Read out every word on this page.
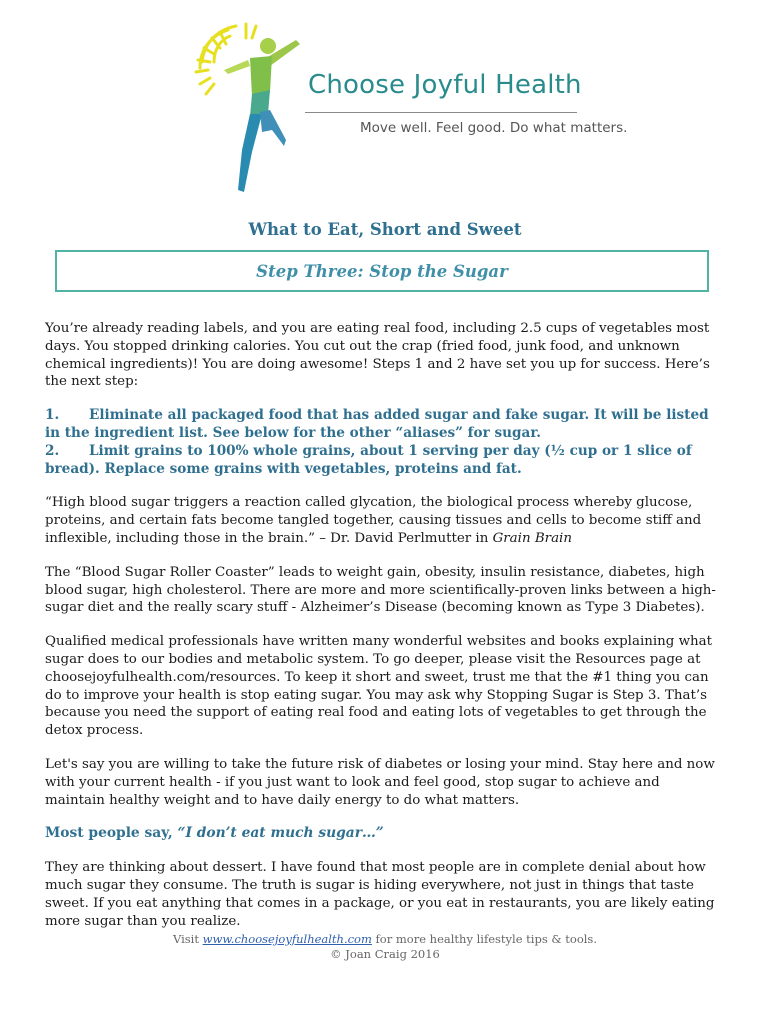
Choose Joyful Health
Move well. Feel good. Do what matters.
What to Eat, Short and Sweet
Step Three: Stop the Sugar

You’re already reading labels, and you are eating real food, including 2.5 cups of vegetables most days. You stopped drinking calories. You cut out the crap (fried food, junk food, and unknown chemical ingredients)! You are doing awesome! Steps 1 and 2 have set you up for success. Here’s the next step:

1. Eliminate all packaged food that has added sugar and fake sugar. It will be listed in the ingredient list. See below for the other “aliases” for sugar.
2. Limit grains to 100% whole grains, about 1 serving per day (½ cup or 1 slice of bread). Replace some grains with vegetables, proteins and fat.

“High blood sugar triggers a reaction called glycation, the biological process whereby glucose, proteins, and certain fats become tangled together, causing tissues and cells to become stiff and inflexible, including those in the brain.” – Dr. David Perlmutter in Grain Brain

The “Blood Sugar Roller Coaster” leads to weight gain, obesity, insulin resistance, diabetes, high blood sugar, high cholesterol. There are more and more scientifically-proven links between a high-sugar diet and the really scary stuff - Alzheimer’s Disease (becoming known as Type 3 Diabetes).

Qualified medical professionals have written many wonderful websites and books explaining what sugar does to our bodies and metabolic system. To go deeper, please visit the Resources page at choosejoyfulhealth.com/resources. To keep it short and sweet, trust me that the #1 thing you can do to improve your health is stop eating sugar. You may ask why Stopping Sugar is Step 3. That’s because you need the support of eating real food and eating lots of vegetables to get through the detox process.

Let's say you are willing to take the future risk of diabetes or losing your mind. Stay here and now with your current health - if you just want to look and feel good, stop sugar to achieve and maintain healthy weight and to have daily energy to do what matters.

Most people say, “I don’t eat much sugar…”

They are thinking about dessert. I have found that most people are in complete denial about how much sugar they consume. The truth is sugar is hiding everywhere, not just in things that taste sweet. If you eat anything that comes in a package, or you eat in restaurants, you are likely eating more sugar than you realize.

Visit www.choosejoyfulhealth.com for more healthy lifestyle tips & tools.
© Joan Craig 2016
